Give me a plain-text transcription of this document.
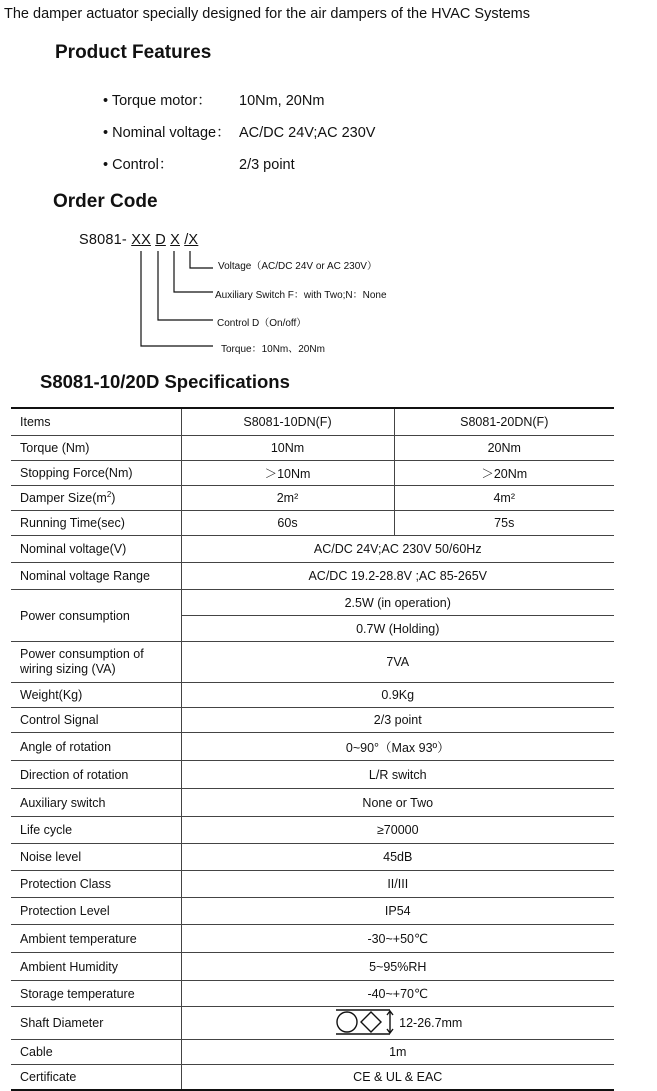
The damper actuator specially designed for the air dampers of the HVAC Systems
Product Features
• Torque motor： 10Nm, 20Nm
• Nominal voltage： AC/DC 24V;AC 230V
• Control：	2/3 point
Order Code
S8081- XX D X /X
Voltage（AC/DC 24V or AC 230V）
Auxiliary Switch F：with Two;N：None
Control D（On/off）
Torque：10Nm、20Nm
S8081-10/20D Specifications
Items	S8081-10DN(F)	S8081-20DN(F)
Torque (Nm)	10Nm	20Nm
Stopping Force(Nm)	＞10Nm	＞20Nm
Damper $Size(m^2)$	2m²	4m²
Running Time(sec)	60s	75s
Nominal voltage(V)	AC/DC 24V;AC 230V 50/60Hz	
Nominal voltage Range	AC/DC 19.2-28.8V ;AC 85-265V	
Power consumption	2.5W (in operation)	
	0.7W (Holding)	
Power consumption of
wiring sizing (VA)	7VA	
Weight(Kg)	0.9Kg	
Control Signal	2/3 point	
Angle of rotation	0~90°（Max 93º）	
Direction of rotation	L/R switch	
Auxiliary switch	None or Two	
Life cycle	≥70000	
Noise level	45dB	
Protection Class	II/III	
Protection Level	IP54	
Ambient temperature	-30~+50℃	
Ambient Humidity	5~95%RH	
Storage temperature	-40~+70℃	
Shaft Diameter	12-26.7mm	
Cable	1m	
Certificate	CE & UL & EAC	
